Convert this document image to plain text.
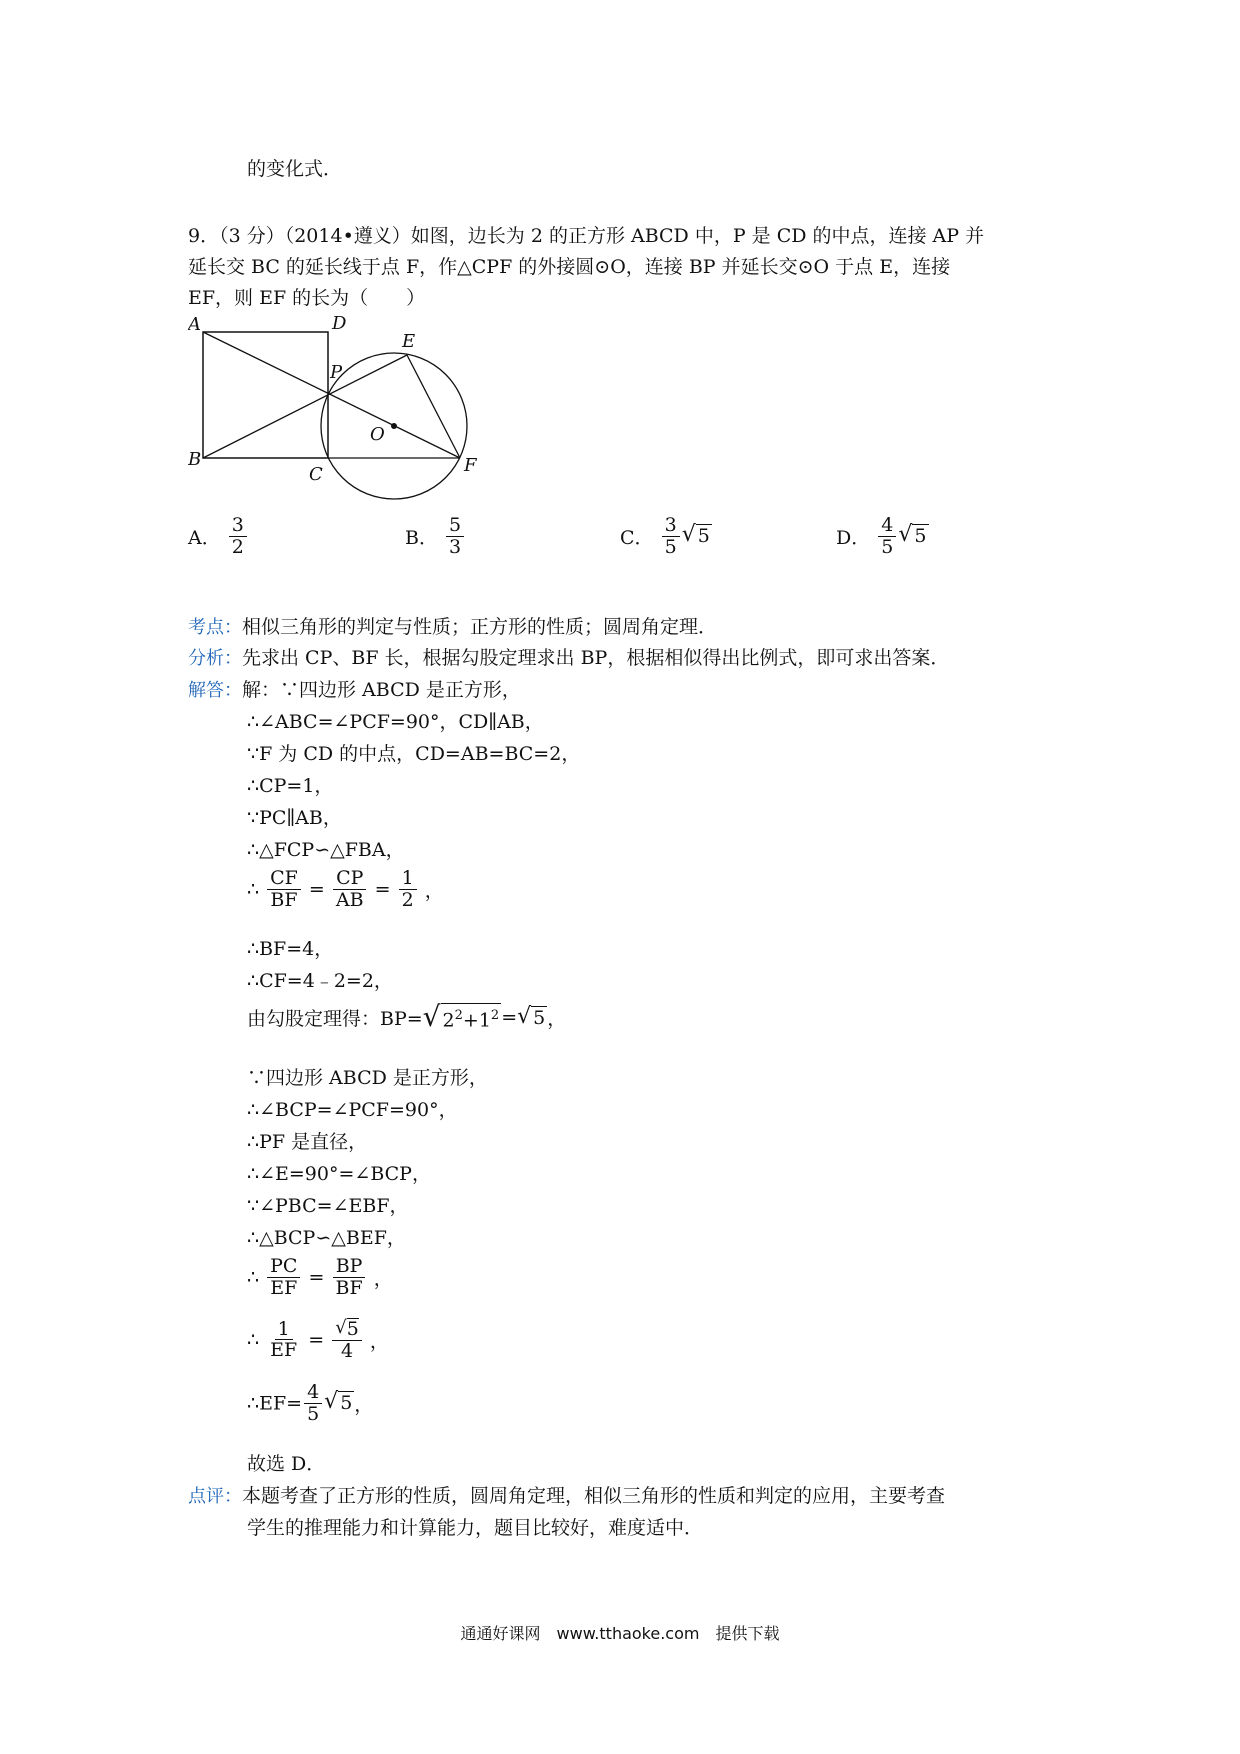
的变化式．
9．（3 分）（2014•遵义）如图，边长为 2 的正方形 ABCD 中，P 是 CD 的中点，连接 AP 并
延长交 BC 的延长线于点 F，作△CPF 的外接圆⊙O，连接 BP 并延长交⊙O 于点 E，连接
EF，则 EF 的长为（　　）
A	D
E
P
O
B
C	F
A． $\frac{3}{2}$	B． $\frac{5}{3}$	C． $\frac{3}{5}$ √ 5	D． $\frac{4}{5}$ √ 5
考点：相似三角形的判定与性质；正方形的性质；圆周角定理．
分析：先求出 CP、BF 长，根据勾股定理求出 BP，根据相似得出比例式，即可求出答案．
解答：解：∵四边形 ABCD 是正方形，
∴∠ABC=∠PCF=90°，CD∥AB，
∵F 为 CD 的中点，CD=AB=BC=2，
∴CP=1，
∵PC∥AB，
∴△FCP∽△FBA，
∴ $\frac{CF}{BF} = \frac{CP}{AB} = \frac{1}{2}$ ，
∴BF=4，
∴CF=4﹣2=2，
由勾股定理得：BP= √ $2^2+1^2$ = √ 5 ，
∵四边形 ABCD 是正方形，
∴∠BCP=∠PCF=90°，
∴PF 是直径，
∴∠E=90°=∠BCP，
∵∠PBC=∠EBF，
∴△BCP∽△BEF，
∴ $\frac{PC}{EF} = \frac{BP}{BF}$ ，
∴ $\frac{1}{EF} = \frac{√ 5}{4}$ ，
∴EF= $\frac{4}{5}$ √ 5 ，
故选 D．
点评：本题考查了正方形的性质，圆周角定理，相似三角形的性质和判定的应用，主要考查
学生的推理能力和计算能力，题目比较好，难度适中．
通通好课网　www.tthaoke.com　提供下载
